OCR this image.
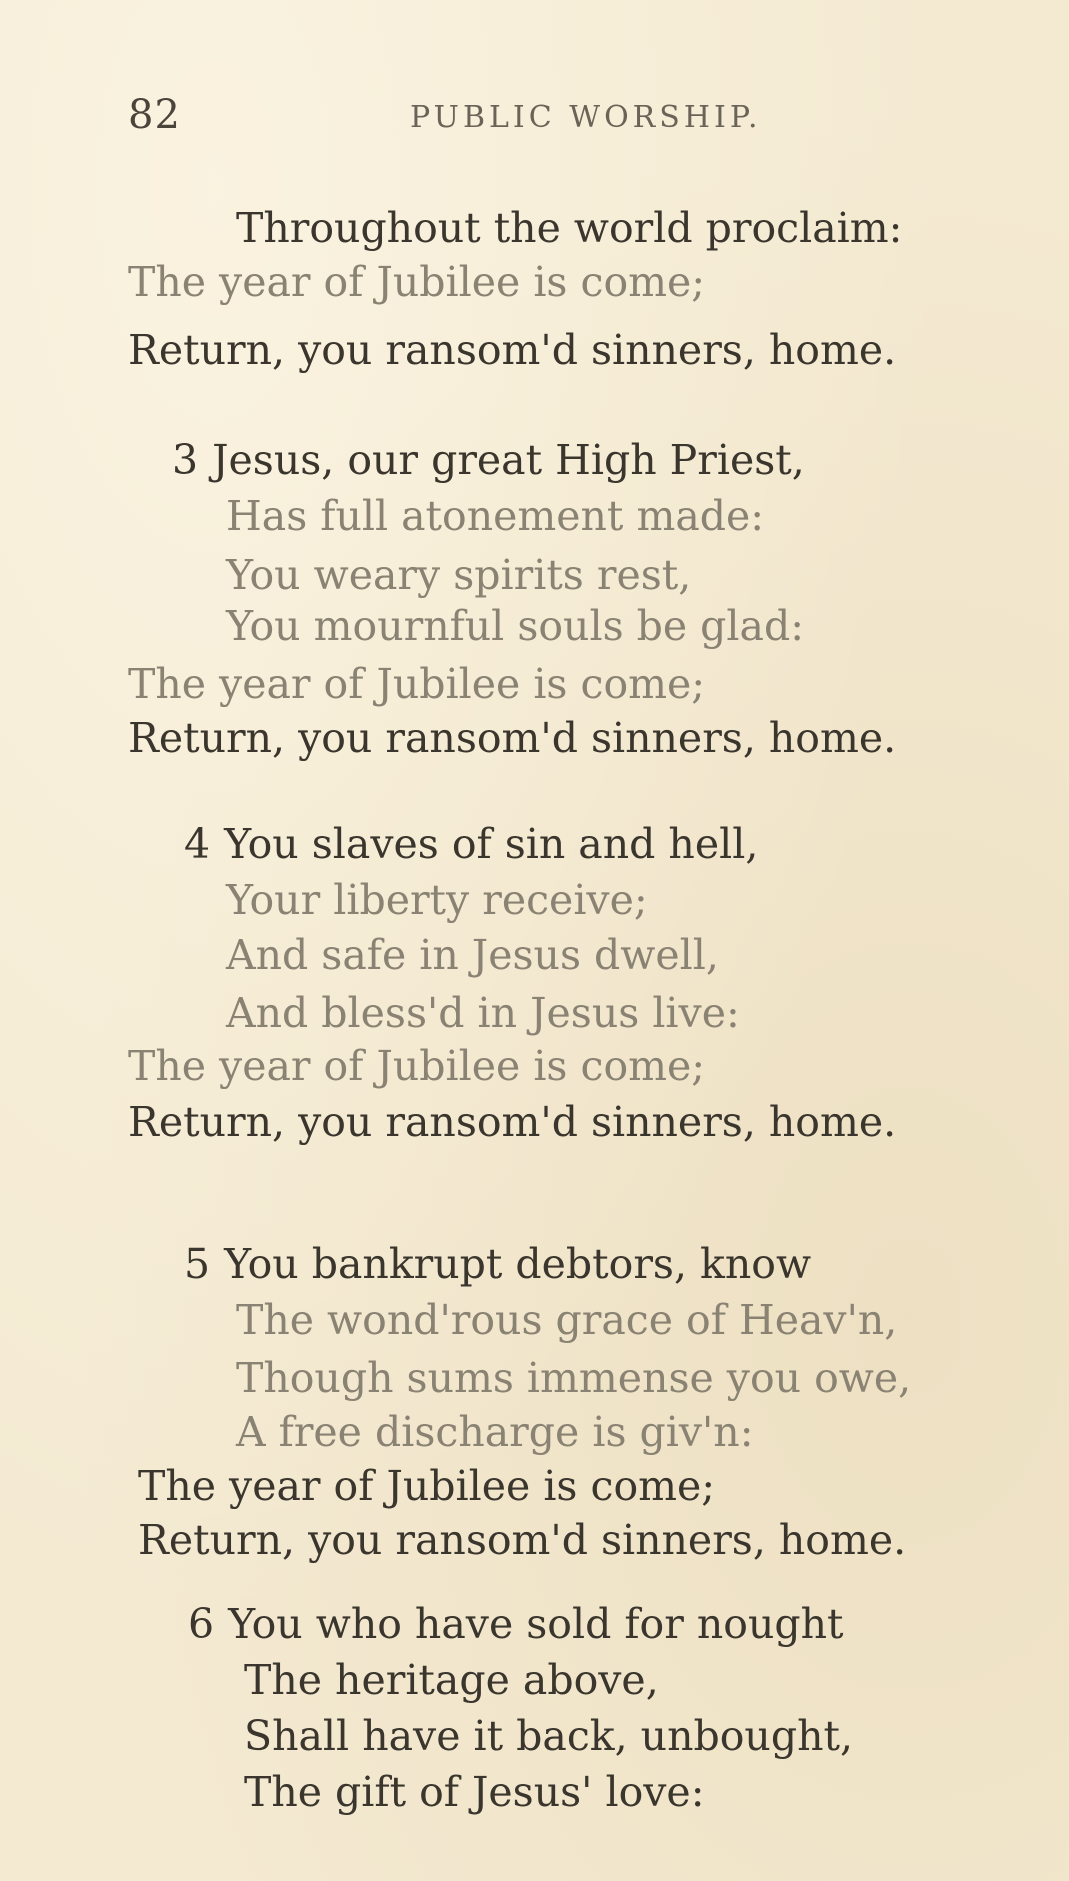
82	PUBLIC WORSHIP.
Throughout the world proclaim:
The year of Jubilee is come;
Return, you ransom'd sinners, home.
3 Jesus, our great High Priest,
Has full atonement made:
You weary spirits rest,
You mournful souls be glad:
The year of Jubilee is come;
Return, you ransom'd sinners, home.
4 You slaves of sin and hell,
Your liberty receive;
And safe in Jesus dwell,
And bless'd in Jesus live:
The year of Jubilee is come;
Return, you ransom'd sinners, home.
5 You bankrupt debtors, know
The wond'rous grace of Heav'n,
Though sums immense you owe,
A free discharge is giv'n:
The year of Jubilee is come;
Return, you ransom'd sinners, home.
6 You who have sold for nought
The heritage above,
Shall have it back, unbought,
The gift of Jesus' love:
